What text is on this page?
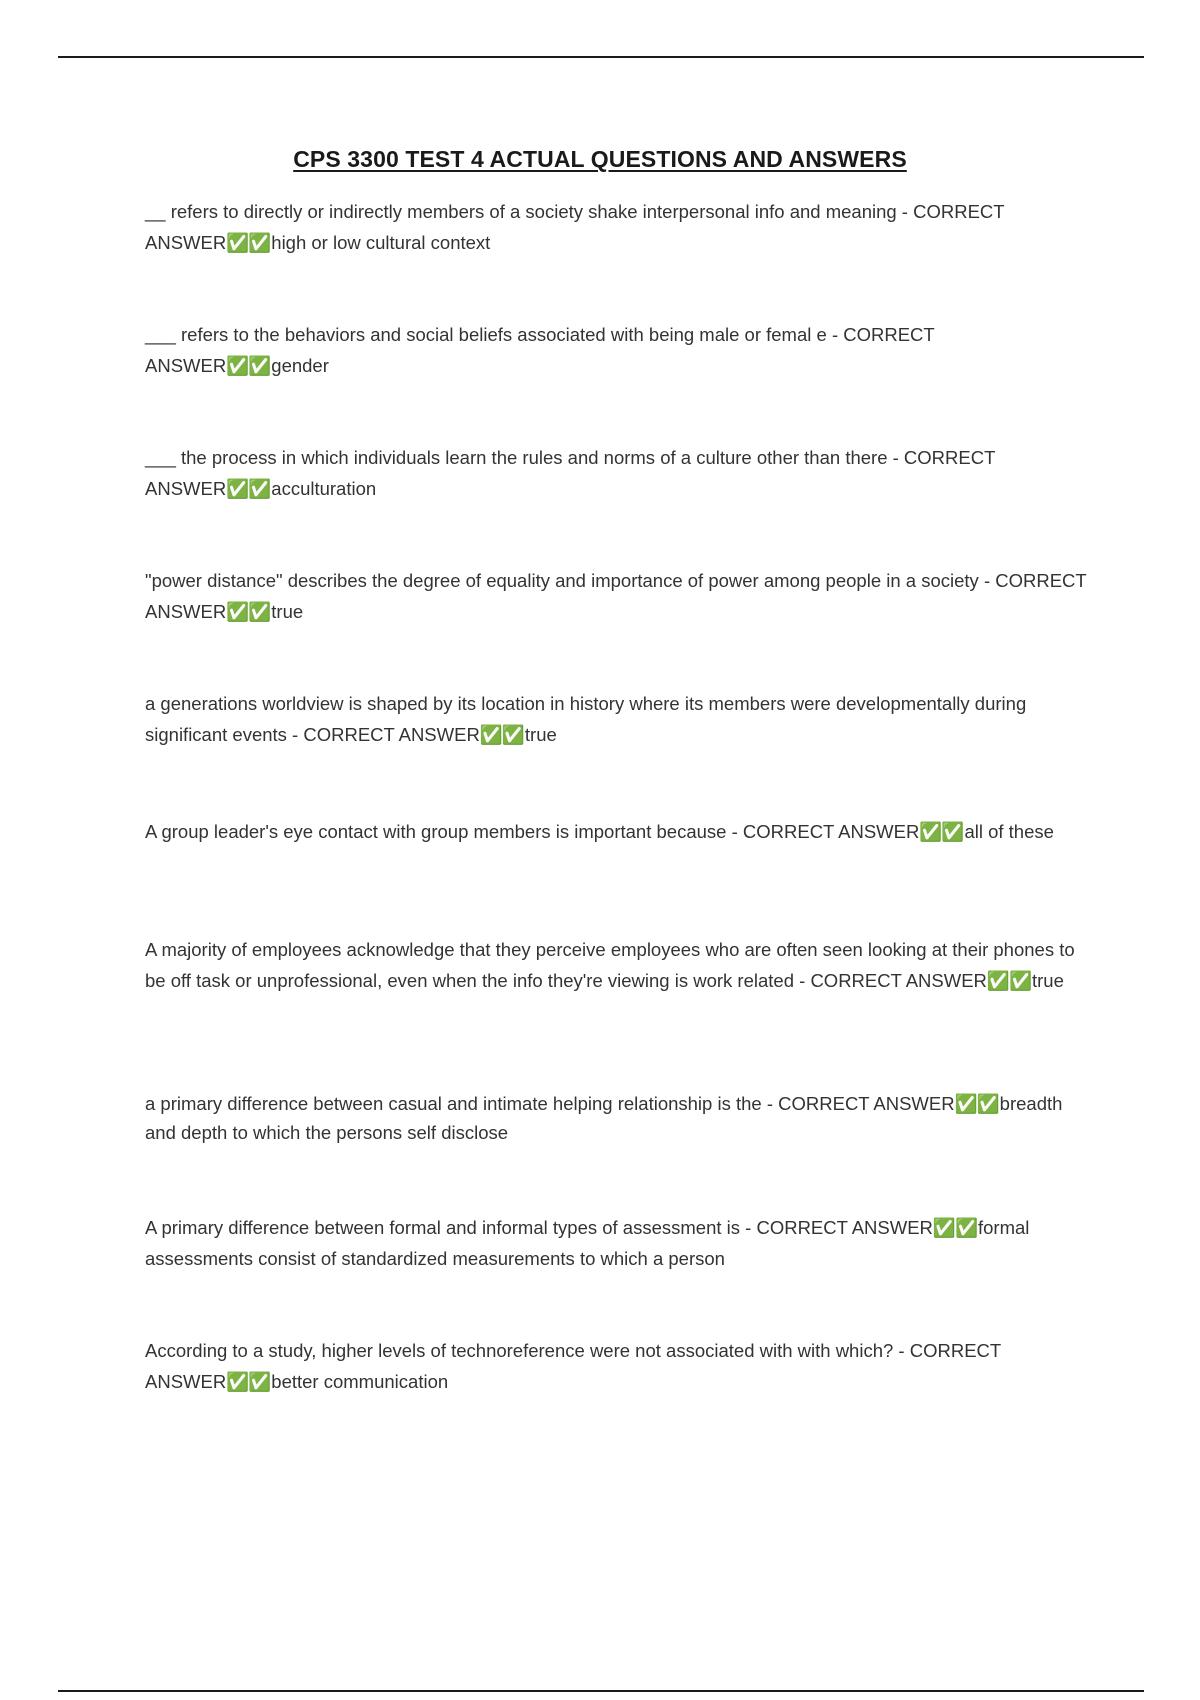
CPS 3300 TEST 4 ACTUAL QUESTIONS AND ANSWERS
__ refers to directly or indirectly members of a society shake interpersonal info and meaning - CORRECT ANSWER✅✅high or low cultural context
___ refers to the behaviors and social beliefs associated with being male or femal e - CORRECT ANSWER✅✅gender
___ the process in which individuals learn the rules and norms of a culture other than there - CORRECT ANSWER✅✅acculturation
"power distance" describes the degree of equality and importance of power among people in a society - CORRECT ANSWER✅✅true
a generations worldview is shaped by its location in history where its members were developmentally during significant events - CORRECT ANSWER✅✅true
A group leader's eye contact with group members is important because - CORRECT ANSWER✅✅all of these
A majority of employees acknowledge that they perceive employees who are often seen looking at their phones to be off task or unprofessional, even when the info they're viewing is work related - CORRECT ANSWER✅✅true
a primary difference between casual and intimate helping relationship is the - CORRECT ANSWER✅✅breadth and depth to which the persons self disclose
A primary difference between formal and informal types of assessment is - CORRECT ANSWER✅✅formal assessments consist of standardized measurements to which a person
According to a study, higher levels of technoreference were not associated with with which? - CORRECT ANSWER✅✅better communication
